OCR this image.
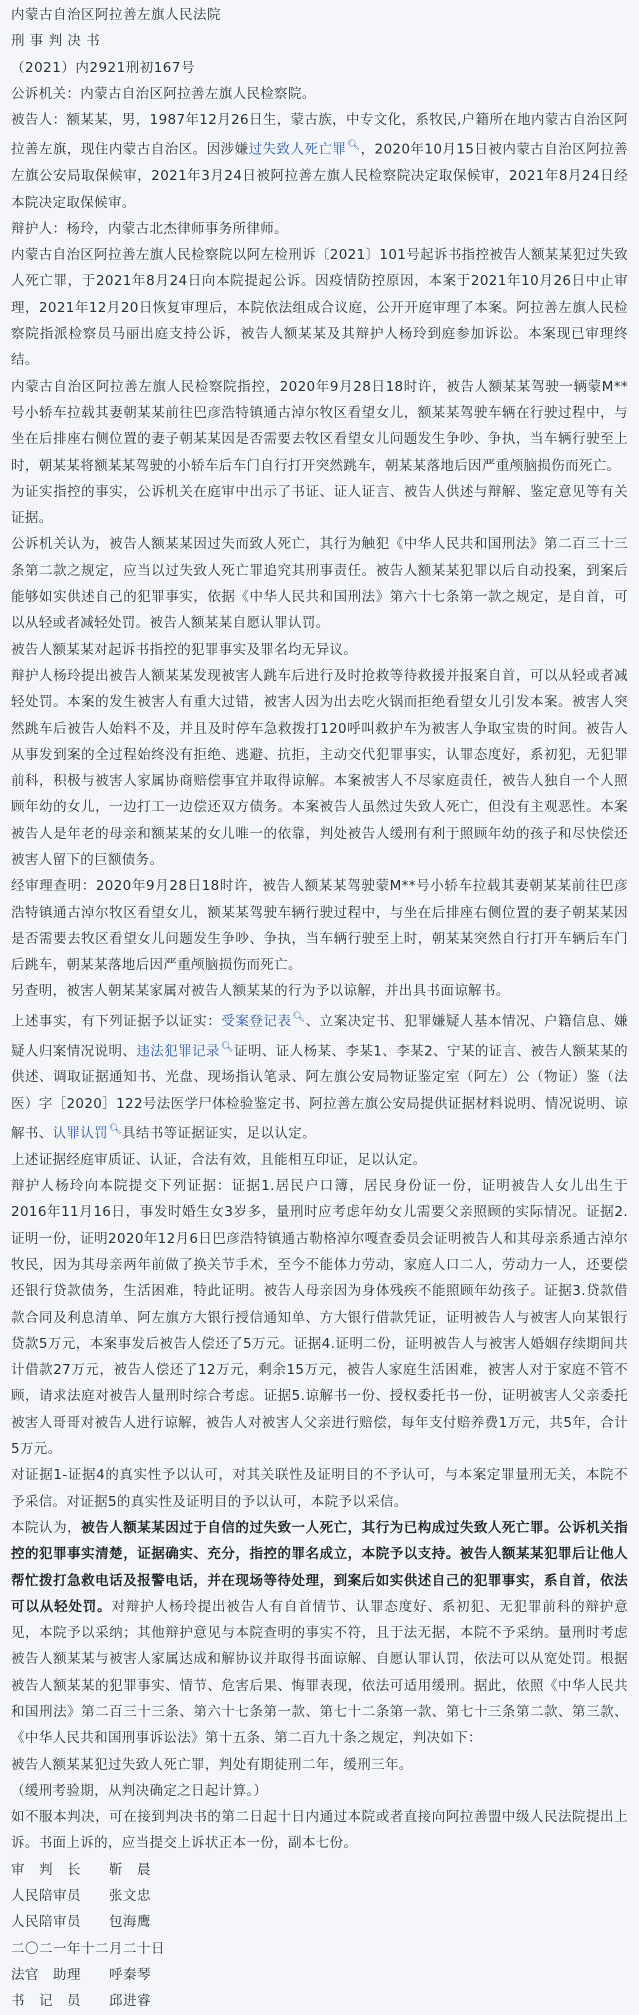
内蒙古自治区阿拉善左旗人民法院

刑 事 判 决 书

（2021）内2921刑初167号

公诉机关：内蒙古自治区阿拉善左旗人民检察院。

被告人：额某某，男，1987年12月26日生，蒙古族，中专文化，系牧民,户籍所在地内蒙古自治区阿拉善左旗，现住内蒙古自治区。因涉嫌过失致人死亡罪🔍︎，2020年10月15日被内蒙古自治区阿拉善左旗公安局取保候审，2021年3月24日被阿拉善左旗人民检察院决定取保候审，2021年8月24日经本院决定取保候审。

辩护人：杨玲，内蒙古北杰律师事务所律师。

内蒙古自治区阿拉善左旗人民检察院以阿左检刑诉〔2021〕101号起诉书指控被告人额某某犯过失致人死亡罪，于2021年8月24日向本院提起公诉。因疫情防控原因，本案于2021年10月26日中止审理，2021年12月20日恢复审理后，本院依法组成合议庭，公开开庭审理了本案。阿拉善左旗人民检察院指派检察员马丽出庭支持公诉，被告人额某某及其辩护人杨玲到庭参加诉讼。本案现已审理终结。

内蒙古自治区阿拉善左旗人民检察院指控，2020年9月28日18时许，被告人额某某驾驶一辆蒙M**号小轿车拉载其妻朝某某前往巴彦浩特镇通古淖尔牧区看望女儿，额某某驾驶车辆在行驶过程中，与坐在后排座右侧位置的妻子朝某某因是否需要去牧区看望女儿问题发生争吵、争执，当车辆行驶至上时，朝某某将额某某驾驶的小轿车后车门自行打开突然跳车，朝某某落地后因严重颅脑损伤而死亡。

为证实指控的事实，公诉机关在庭审中出示了书证、证人证言、被告人供述与辩解、鉴定意见等有关证据。

公诉机关认为，被告人额某某因过失而致人死亡，其行为触犯《中华人民共和国刑法》第二百三十三条第二款之规定，应当以过失致人死亡罪追究其刑事责任。被告人额某某犯罪以后自动投案，到案后能够如实供述自己的犯罪事实，依据《中华人民共和国刑法》第六十七条第一款之规定，是自首，可以从轻或者减轻处罚。被告人额某某自愿认罪认罚。

被告人额某某对起诉书指控的犯罪事实及罪名均无异议。

辩护人杨玲提出被告人额某某发现被害人跳车后进行及时抢救等待救援并报案自首，可以从轻或者减轻处罚。本案的发生被害人有重大过错，被害人因为出去吃火锅而拒绝看望女儿引发本案。被害人突然跳车后被告人始料不及，并且及时停车急救拨打120呼叫救护车为被害人争取宝贵的时间。被告人从事发到案的全过程始终没有拒绝、逃避、抗拒，主动交代犯罪事实，认罪态度好，系初犯，无犯罪前科，积极与被害人家属协商赔偿事宜并取得谅解。本案被害人不尽家庭责任，被告人独自一个人照顾年幼的女儿，一边打工一边偿还双方债务。本案被告人虽然过失致人死亡，但没有主观恶性。本案被告人是年老的母亲和额某某的女儿唯一的依靠，判处被告人缓刑有利于照顾年幼的孩子和尽快偿还被害人留下的巨额债务。

经审理查明：2020年9月28日18时许，被告人额某某驾驶蒙M**号小轿车拉载其妻朝某某前往巴彦浩特镇通古淖尔牧区看望女儿，额某某驾驶车辆行驶过程中，与坐在后排座右侧位置的妻子朝某某因是否需要去牧区看望女儿问题发生争吵、争执，当车辆行驶至上时，朝某某突然自行打开车辆后车门后跳车，朝某某落地后因严重颅脑损伤而死亡。

另查明，被害人朝某某家属对被告人额某某的行为予以谅解，并出具书面谅解书。

上述事实，有下列证据予以证实：受案登记表🔍︎、立案决定书、犯罪嫌疑人基本情况、户籍信息、嫌疑人归案情况说明、违法犯罪记录🔍︎证明、证人杨某、李某1、李某2、宁某的证言、被告人额某某的供述、调取证据通知书、光盘、现场指认笔录、阿左旗公安局物证鉴定室（阿左）公（物证）鉴（法医）字［2020］122号法医学尸体检验鉴定书、阿拉善左旗公安局提供证据材料说明、情况说明、谅解书、认罪认罚🔍︎具结书等证据证实，足以认定。

上述证据经庭审质证、认证，合法有效，且能相互印证，足以认定。

辩护人杨玲向本院提交下列证据：证据1.居民户口簿，居民身份证一份，证明被告人女儿出生于2016年11月16日，事发时婚生女3岁多，量刑时应考虑年幼女儿需要父亲照顾的实际情况。证据2.证明一份，证明2020年12月6日巴彦浩特镇通古勒格淖尔嘎查委员会证明被告人和其母亲系通古淖尔牧民，因为其母亲两年前做了换关节手术，至今不能体力劳动，家庭人口二人，劳动力一人，还要偿还银行贷款债务，生活困难，特此证明。被告人母亲因为身体残疾不能照顾年幼孩子。证据3.贷款借款合同及利息清单、阿左旗方大银行授信通知单、方大银行借款凭证，证明被告人与被害人向某银行贷款5万元，本案事发后被告人偿还了5万元。证据4.证明二份，证明被告人与被害人婚姻存续期间共计借款27万元，被告人偿还了12万元，剩余15万元，被告人家庭生活困难，被害人对于家庭不管不顾，请求法庭对被告人量刑时综合考虑。证据5.谅解书一份、授权委托书一份，证明被害人父亲委托被害人哥哥对被告人进行谅解，被告人对被害人父亲进行赔偿，每年支付赔养费1万元，共5年，合计5万元。

对证据1-证据4的真实性予以认可，对其关联性及证明目的不予认可，与本案定罪量刑无关，本院不予采信。对证据5的真实性及证明目的予以认可，本院予以采信。

本院认为，被告人额某某因过于自信的过失致一人死亡，其行为已构成过失致人死亡罪。公诉机关指控的犯罪事实清楚，证据确实、充分，指控的罪名成立，本院予以支持。被告人额某某犯罪后让他人帮忙拨打急救电话及报警电话，并在现场等待处理，到案后如实供述自己的犯罪事实，系自首，依法可以从轻处罚。对辩护人杨玲提出被告人有自首情节、认罪态度好、系初犯、无犯罪前科的辩护意见，本院予以采纳；其他辩护意见与本院查明的事实不符，且于法无据，本院不予采纳。量刑时考虑被告人额某某与被害人家属达成和解协议并取得书面谅解、自愿认罪认罚，依法可以从宽处罚。根据被告人额某某的犯罪事实、情节、危害后果、悔罪表现，依法可适用缓刑。据此，依照《中华人民共和国刑法》第二百三十三条、第六十七条第一款、第七十二条第一款、第七十三条第二款、第三款、《中华人民共和国刑事诉讼法》第十五条、第二百九十条之规定，判决如下：

被告人额某某犯过失致人死亡罪，判处有期徒刑二年，缓刑三年。

（缓刑考验期，从判决确定之日起计算。）

如不服本判决，可在接到判决书的第二日起十日内通过本院或者直接向阿拉善盟中级人民法院提出上诉。书面上诉的，应当提交上诉状正本一份，副本七份。

审　判　长　　靳　晨

人民陪审员　　张文忠

人民陪审员　　包海鹰

二〇二一年十二月二十日

法官　助理　　呼秦琴

书　记　员　　邱进睿
